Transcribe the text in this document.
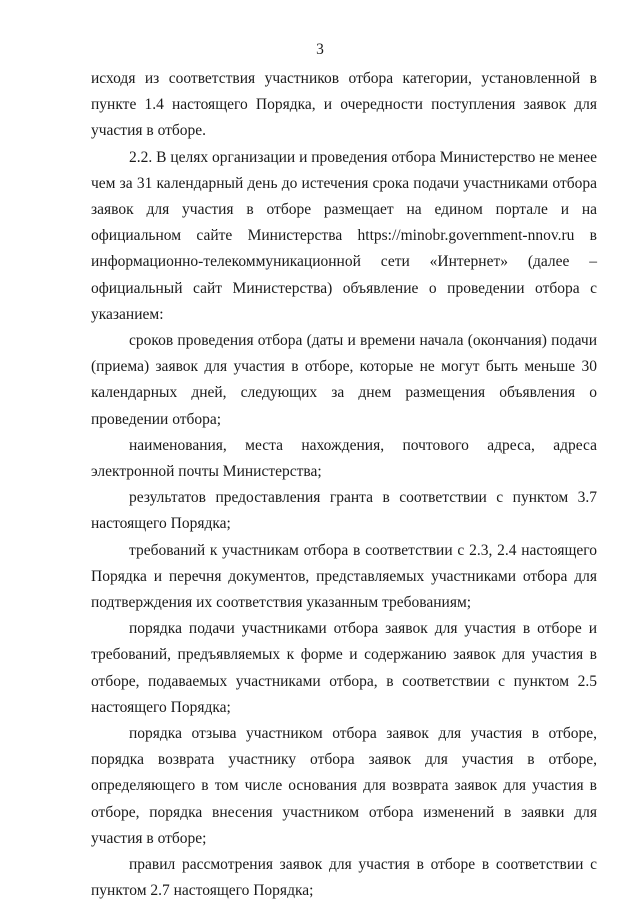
3

исходя из соответствия участников отбора категории, установленной в пункте 1.4 настоящего Порядка, и очередности поступления заявок для участия в отборе.

2.2. В целях организации и проведения отбора Министерство не менее чем за 31 календарный день до истечения срока подачи участниками отбора заявок для участия в отборе размещает на едином портале и на официальном сайте Министерства https://minobr.government-nnov.ru в информационно-телекоммуникационной сети «Интернет» (далее – официальный сайт Министерства) объявление о проведении отбора с указанием:

сроков проведения отбора (даты и времени начала (окончания) подачи (приема) заявок для участия в отборе, которые не могут быть меньше 30 календарных дней, следующих за днем размещения объявления о проведении отбора;

наименования, места нахождения, почтового адреса, адреса электронной почты Министерства;

результатов предоставления гранта в соответствии с пунктом 3.7 настоящего Порядка;

требований к участникам отбора в соответствии с 2.3, 2.4 настоящего Порядка и перечня документов, представляемых участниками отбора для подтверждения их соответствия указанным требованиям;

порядка подачи участниками отбора заявок для участия в отборе и требований, предъявляемых к форме и содержанию заявок для участия в отборе, подаваемых участниками отбора, в соответствии с пунктом 2.5 настоящего Порядка;

порядка отзыва участником отбора заявок для участия в отборе, порядка возврата участнику отбора заявок для участия в отборе, определяющего в том числе основания для возврата заявок для участия в отборе, порядка внесения участником отбора изменений в заявки для участия в отборе;

правил рассмотрения заявок для участия в отборе в соответствии с пунктом 2.7 настоящего Порядка;
